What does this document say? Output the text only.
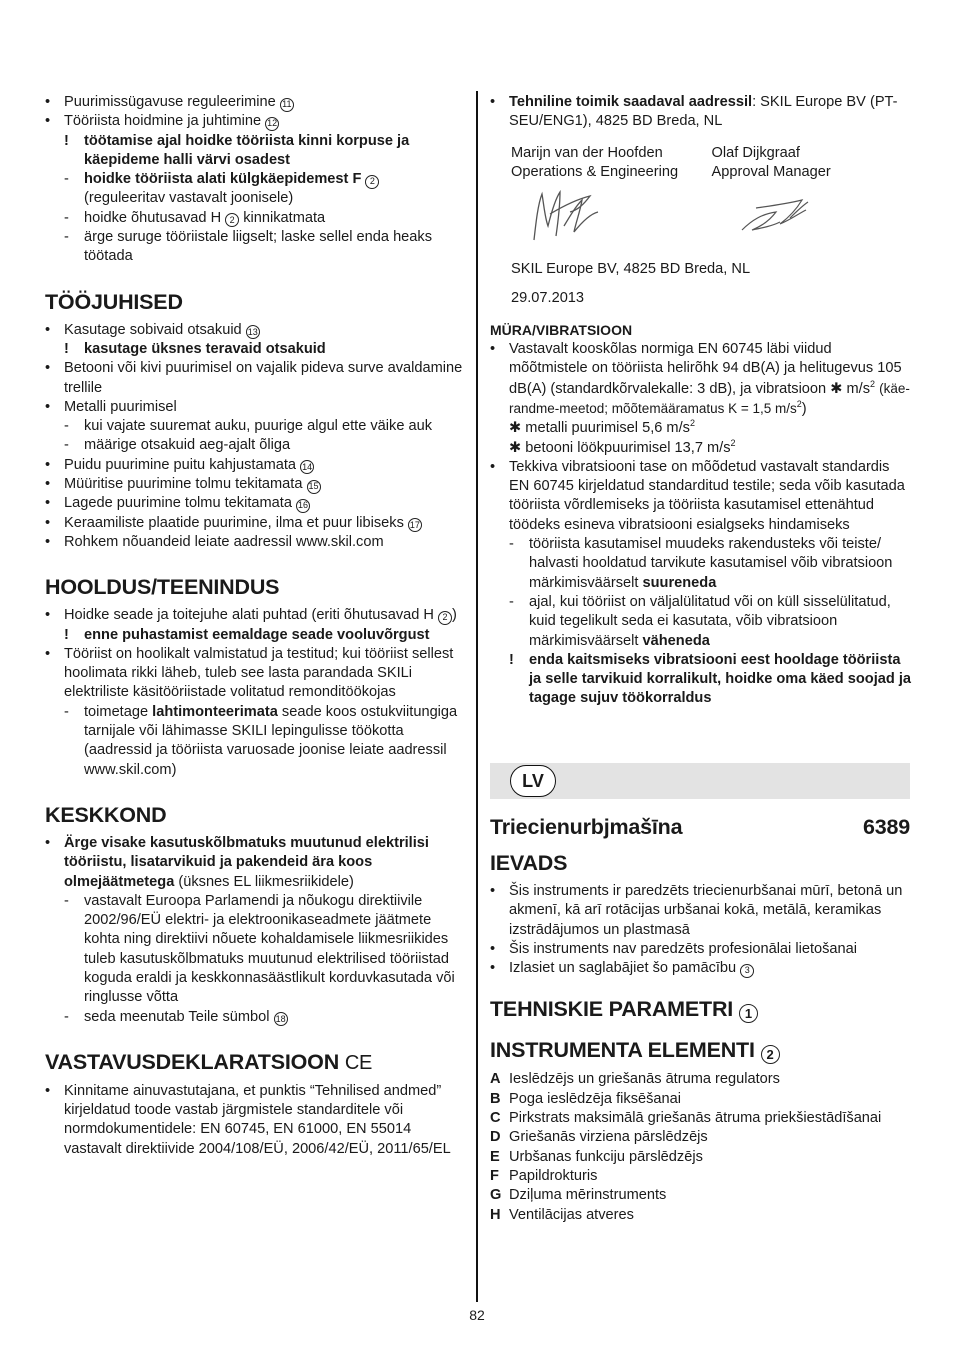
• Puurimissügavuse reguleerimine 11
• Tööriista hoidmine ja juhtimine 12
! töötamise ajal hoidke tööriista kinni korpuse ja käepideme halli värvi osadest
- hoidke tööriista alati külgkäepidemest F 2
(reguleeritav vastavalt joonisele)
- hoidke õhutusavad H 2 kinnikatmata
- ärge suruge tööriistale liigselt; laske sellel enda heaks töötada
TÖÖJUHISED
• Kasutage sobivaid otsakuid 13
! kasutage üksnes teravaid otsakuid
• Betooni või kivi puurimisel on vajalik pideva surve avaldamine trellile
• Metalli puurimisel
- kui vajate suuremat auku, puurige algul ette väike auk
- määrige otsakuid aeg-ajalt õliga
• Puidu puurimine puitu kahjustamata 14
• Müüritise puurimine tolmu tekitamata 15
• Lagede puurimine tolmu tekitamata 16
• Keraamiliste plaatide puurimine, ilma et puur libiseks 17
• Rohkem nõuandeid leiate aadressil www.skil.com
HOOLDUS/TEENINDUS
• Hoidke seade ja toitejuhe alati puhtad (eriti õhutusavad H 2 )
! enne puhastamist eemaldage seade vooluvõrgust
• Tööriist on hoolikalt valmistatud ja testitud; kui tööriist sellest hoolimata rikki läheb, tuleb see lasta parandada SKILi elektriliste käsitööriistade volitatud remonditöökojas
- toimetage lahtimonteerimata seade koos ostukviitungiga tarnijale või lähimasse SKILI lepingulisse töökotta (aadressid ja tööriista varuosade joonise leiate aadressil www.skil.com)
KESKKOND
• Ärge visake kasutuskõlbmatuks muutunud elektrilisi tööriistu, lisatarvikuid ja pakendeid ära koos olmejäätmetega (üksnes EL liikmesriikidele)
- vastavalt Euroopa Parlamendi ja nõukogu direktiivile 2002/96/EÜ elektri- ja elektroonikaseadmete jäätmete kohta ning direktiivi nõuete kohaldamisele liikmesriikides tuleb kasutuskõlbmatuks muutunud elektrilised tööriistad koguda eraldi ja keskkonnasäästlikult korduvkasutada või ringlusse võtta
- seda meenutab Teile sümbol 18
VASTAVUSDEKLARATSIOON CE
• Kinnitame ainuvastutajana, et punktis “Tehnilised andmed” kirjeldatud toode vastab järgmistele standarditele või normdokumentidele: EN 60745, EN 61000, EN 55014 vastavalt direktiivide 2004/108/EÜ, 2006/42/EÜ, 2011/65/EL
• Tehniline toimik saadaval aadressil: SKIL Europe BV (PT-SEU/ENG1), 4825 BD Breda, NL
Marijn van der Hoofden
Operations & Engineering
Olaf Dijkgraaf
Approval Manager
SKIL Europe BV, 4825 BD Breda, NL
29.07.2013
MÜRA/VIBRATSIOON
• Vastavalt kooskõlas normiga EN 60745 läbi viidud mõõtmistele on tööriista helirõhk 94 dB(A) ja helitugevus 105 dB(A) (standardkõrvalekalle: 3 dB), ja vibratsioon ✱ $m/s^2$ (käe-randme-meetod; mõõtemääramatus K = 1,5 $m/s^2$)
✱ metalli puurimisel 5,6 $m/s^2$
✱ betooni löökpuurimisel 13,7 $m/s^2$
• Tekkiva vibratsiooni tase on mõõdetud vastavalt standardis EN 60745 kirjeldatud standarditud testile; seda võib kasutada tööriista võrdlemiseks ja tööriista kasutamisel ettenähtud töödeks esineva vibratsiooni esialgseks hindamiseks
- tööriista kasutamisel muudeks rakendusteks või teiste/ halvasti hooldatud tarvikute kasutamisel võib vibratsioon märkimisväärselt suureneda
- ajal, kui tööriist on väljalülitatud või on küll sisselülitatud, kuid tegelikult seda ei kasutata, võib vibratsioon märkimisväärselt väheneda
! enda kaitsmiseks vibratsiooni eest hooldage tööriista ja selle tarvikuid korralikult, hoidke oma käed soojad ja tagage sujuv töökorraldus
LV
Triecienurbjmašīna	6389
IEVADS
• Šis instruments ir paredzēts triecienurbšanai mūrī, betonā un akmenī, kā arī rotācijas urbšanai kokā, metālā, keramikas izstrādājumos un plastmasā
• Šis instruments nav paredzēts profesionālai lietošanai
• Izlasiet un saglabājiet šo pamācību 3
TEHNISKIE PARAMETRI 1
INSTRUMENTA ELEMENTI 2
A Ieslēdzējs un griešanās ātruma regulators
B Poga ieslēdzēja fiksēšanai
C Pirkstrats maksimālā griešanās ātruma priekšiestādīšanai
D Griešanās virziena pārslēdzējs
E Urbšanas funkciju pārslēdzējs
F Papildrokturis
G Dziļuma mērinstruments
H Ventilācijas atveres
82
